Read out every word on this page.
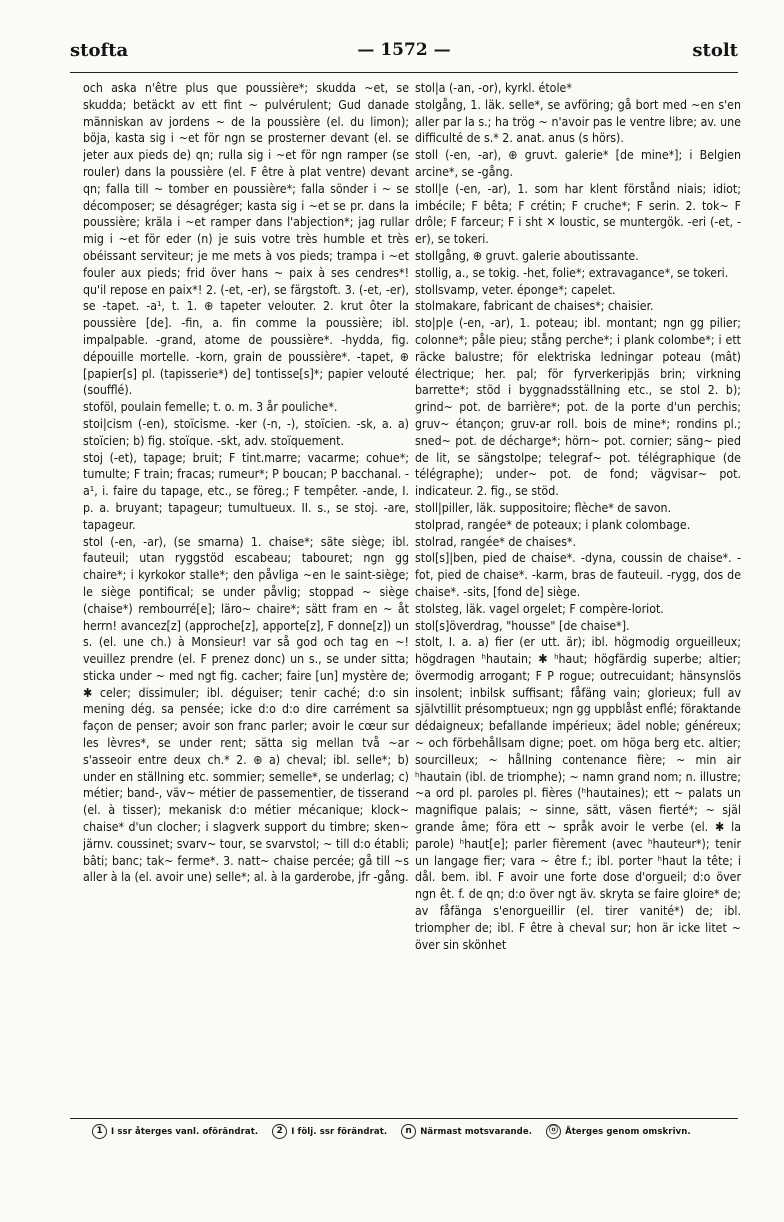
stofta	— 1572 —	stolt

och aska n'être plus que poussière*; skudda ~et, se skudda; betäckt av ett fint ~ pulvérulent; Gud danade människan av jordens ~ de la poussière (el. du limon); böja, kasta sig i ~et för ngn se prosterner devant (el. se jeter aux pieds de) qn; rulla sig i ~et för ngn ramper (se rouler) dans la poussière (el. F être à plat ventre) devant qn; falla till ~ tomber en poussière*; falla sönder i ~ se décomposer; se désagréger; kasta sig i ~et se pr. dans la poussière; kräla i ~et ramper dans l'abjection*; jag rullar mig i ~et för eder (n) je suis votre très humble et très obéissant serviteur; je me mets à vos pieds; trampa i ~et fouler aux pieds; frid över hans ~ paix à ses cendres*! qu'il repose en paix*! 2. (-et, -er), se färgstoft. 3. (-et, -er), se -tapet. -a¹, t. 1. ⊕ tapeter velouter. 2. krut ôter la poussière [de]. -fin, a. fin comme la poussière; ibl. impalpable. -grand, atome de poussière*. -hydda, fig. dépouille mortelle. -korn, grain de poussière*. -tapet, ⊕ [papier[s] pl. (tapisserie*) de] tontisse[s]*; papier velouté (soufflé).

stoföl, poulain femelle; t. o. m. 3 år pouliche*.

stoi|cism (-en), stoïcisme. -ker (-n, -), stoïcien. -sk, a. a) stoïcien; b) fig. stoïque. -skt, adv. stoïquement.

stoj (-et), tapage; bruit; F tint.marre; vacarme; cohue*; tumulte; F train; fracas; rumeur*; P boucan; P bacchanal. -a¹, i. faire du tapage, etc., se föreg.; F tempêter. -ande, I. p. a. bruyant; tapageur; tumultueux. II. s., se stoj. -are, tapageur.

stol (-en, -ar), (se smarna) 1. chaise*; säte siège; ibl. fauteuil; utan ryggstöd escabeau; tabouret; ngn gg chaire*; i kyrkokor stalle*; den påvliga ~en le saint-siège; le siège pontifical; se under påvlig; stoppad ~ siège (chaise*) rembourré[e]; läro~ chaire*; sätt fram en ~ åt herrn! avancez[z] (approche[z], apporte[z], F donne[z]) un s. (el. une ch.) à Monsieur! var så god och tag en ~! veuillez prendre (el. F prenez donc) un s., se under sitta; sticka under ~ med ngt fig. cacher; faire [un] mystère de; ✱ celer; dissimuler; ibl. déguiser; tenir caché; d:o sin mening dég. sa pensée; icke d:o d:o dire carrément sa façon de penser; avoir son franc parler; avoir le cœur sur les lèvres*, se under rent; sätta sig mellan två ~ar s'asseoir entre deux ch.* 2. ⊕ a) cheval; ibl. selle*; b) under en ställning etc. sommier; semelle*, se underlag; c) métier; band-, väv~ métier de passementier, de tisserand (el. à tisser); mekanisk d:o métier mécanique; klock~ chaise* d'un clocher; i slagverk support du timbre; sken~ järnv. coussinet; svarv~ tour, se svarvstol; ~ till d:o établi; bâti; banc; tak~ ferme*. 3. natt~ chaise percée; gå till ~s aller à la (el. avoir une) selle*; al. à la garderobe, jfr -gång.

stol|a (-an, -or), kyrkl. étole*

stolgång, 1. läk. selle*, se avföring; gå bort med ~en s'en aller par la s.; ha trög ~ n'avoir pas le ventre libre; av. une difficulté de s.* 2. anat. anus (s hörs).

stoll (-en, -ar), ⊕ gruvt. galerie* [de mine*]; i Belgien arcine*, se -gång.

stoll|e (-en, -ar), 1. som har klent förstånd niais; idiot; imbécile; F bêta; F crétin; F cruche*; F serin. 2. tok~ F drôle; F farceur; F i sht ✕ loustic, se muntergök. -eri (-et, -er), se tokeri.

stollgång, ⊕ gruvt. galerie aboutissante.

stollig, a., se tokig. -het, folie*; extravagance*, se tokeri.

stollsvamp, veter. éponge*; capelet.

stolmakare, fabricant de chaises*; chaisier.

sto|p|e (-en, -ar), 1. poteau; ibl. montant; ngn gg pilier; colonne*; påle pieu; stång perche*; i plank colombe*; i ett räcke balustre; för elektriska ledningar poteau (mât) électrique; her. pal; för fyrverkeripjäs brin; virkning barrette*; stöd i byggnadsställning etc., se stol 2. b); grind~ pot. de barrière*; pot. de la porte d'un perchis; gruv~ étançon; gruv-ar roll. bois de mine*; rondins pl.; sned~ pot. de décharge*; hörn~ pot. cornier; säng~ pied de lit, se sängstolpe; telegraf~ pot. télégraphique (de télégraphe); under~ pot. de fond; vägvisar~ pot. indicateur. 2. fig., se stöd.

stoll|piller, läk. suppositoire; flèche* de savon.

stolprad, rangée* de poteaux; i plank colombage.

stolrad, rangée* de chaises*.

stol[s]|ben, pied de chaise*. -dyna, coussin de chaise*. -fot, pied de chaise*. -karm, bras de fauteuil. -rygg, dos de chaise*. -sits, [fond de] siège.

stolsteg, läk. vagel orgelet; F compère-loriot.

stol[s]överdrag, "housse" [de chaise*].

stolt, I. a. a) fier (er utt. är); ibl. högmodig orgueilleux; högdragen ʰhautain; ✱ ʰhaut; högfärdig superbe; altier; övermodig arrogant; F P rogue; outrecuidant; hänsynslös insolent; inbilsk suffisant; fåfäng vain; glorieux; full av självtillit présomptueux; ngn gg uppblåst enflé; föraktande dédaigneux; befallande impérieux; ädel noble; généreux; ~ och förbehållsam digne; poet. om höga berg etc. altier; sourcilleux; ~ hållning contenance fière; ~ min air ʰhautain (ibl. de triomphe); ~ namn grand nom; n. illustre; ~a ord pl. paroles pl. fières (ʰhautaines); ett ~ palats un magnifique palais; ~ sinne, sätt, väsen fierté*; ~ själ grande âme; föra ett ~ språk avoir le verbe (el. ✱ la parole) ʰhaut[e]; parler fièrement (avec ʰhauteur*); tenir un langage fier; vara ~ être f.; ibl. porter ʰhaut la tête; i dål. bem. ibl. F avoir une forte dose d'orgueil; d:o över ngn êt. f. de qn; d:o över ngt äv. skryta se faire gloire* de; av fåfänga s'enorgueillir (el. tirer vanité*) de; ibl. triompher de; ibl. F être à cheval sur; hon är icke litet ~ över sin skönhet

1 I ssr återges vanl. oförändrat.	2 I följ. ssr förändrat.	n Närmast motsvarande.	ⓞ Återges genom omskrivn.
